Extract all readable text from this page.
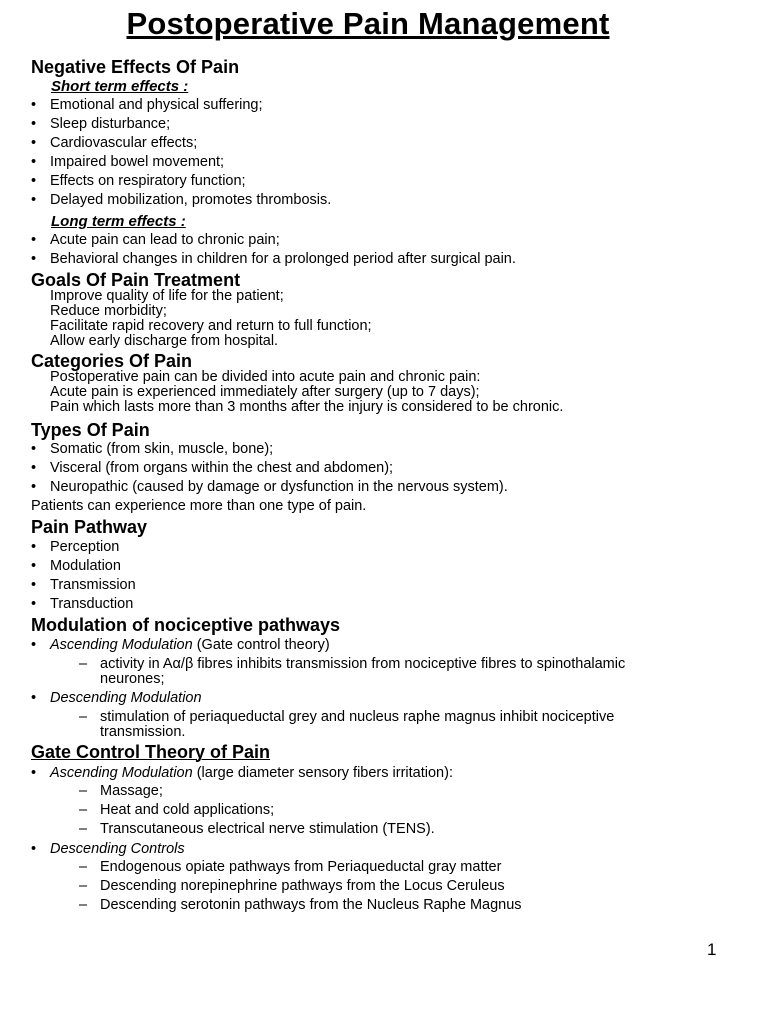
Postoperative Pain Management
Negative Effects Of Pain
Short term effects :
• Emotional and physical suffering;
• Sleep disturbance;
• Cardiovascular effects;
• Impaired bowel movement;
• Effects on respiratory function;
• Delayed mobilization, promotes thrombosis.
Long term effects :
• Acute pain can lead to chronic pain;
• Behavioral changes in children for a prolonged period after surgical pain.
Goals Of Pain Treatment
Improve quality of life for the patient;
Reduce morbidity;
Facilitate rapid recovery and return to full function;
Allow early discharge from hospital.
Categories Of Pain
Postoperative pain can be divided into acute pain and chronic pain:
Acute pain is experienced immediately after surgery (up to 7 days);
Pain which lasts more than 3 months after the injury is considered to be chronic.
Types Of Pain
• Somatic (from skin, muscle, bone);
• Visceral (from organs within the chest and abdomen);
• Neuropathic (caused by damage or dysfunction in the nervous system).
Patients can experience more than one type of pain.
Pain Pathway
• Perception
• Modulation
• Transmission
• Transduction
Modulation of nociceptive pathways
• Ascending Modulation (Gate control theory)
– activity in Aα/β fibres inhibits transmission from nociceptive fibres to spinothalamic
neurones;
• Descending Modulation
– stimulation of periaqueductal grey and nucleus raphe magnus inhibit nociceptive
transmission.
Gate Control Theory of Pain
• Ascending Modulation (large diameter sensory fibers irritation):
– Massage;
– Heat and cold applications;
– Transcutaneous electrical nerve stimulation (TENS).
• Descending Controls
– Endogenous opiate pathways from Periaqueductal gray matter
– Descending norepinephrine pathways from the Locus Ceruleus
– Descending serotonin pathways from the Nucleus Raphe Magnus
1
